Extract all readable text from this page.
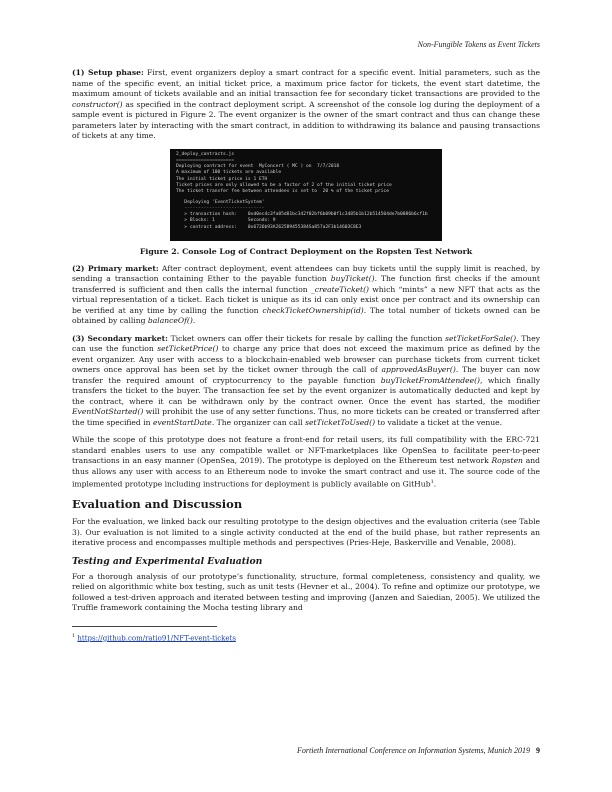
Non-Fungible Tokens as Event Tickets

(1) Setup phase: First, event organizers deploy a smart contract for a specific event. Initial parameters, such as the name of the specific event, an initial ticket price, a maximum price factor for tickets, the event start datetime, the maximum amount of tickets available and an initial transaction fee for secondary ticket transactions are provided to the constructor() as specified in the contract deployment script. A screenshot of the console log during the deployment of a sample event is pictured in Figure 2. The event organizer is the owner of the smart contract and thus can change these parameters later by interacting with the smart contract, in addition to withdrawing its balance and pausing transactions of tickets at any time.

2_deploy_contracts.js
=====================
Deploying contract for event  MyConcert ( MC ) on  7/7/2018
A maximum of 100 tickets are available
The initial ticket price is 1 ETH
Ticket prices are only allowed to be a factor of 2 of the initial ticket price
The ticket transfer fee between attendees is set to  20 % of the ticket price
Deploying 'EventTicketSystem'
-----------------------------
> transaction hash:    0xd0ec4c3fa05d81bc342f02bf6b09b0f1c3485b1b12b514504de7b0886b6cf1b
> Blocks: 1            Seconds: 9
> contract address:    0x6726b93A2625B9455384Sa857a2F3b14603C8E3
Figure 2. Console Log of Contract Deployment on the Ropsten Test Network

(2) Primary market: After contract deployment, event attendees can buy tickets until the supply limit is reached, by sending a transaction containing Ether to the payable function buyTicket(). The function first checks if the amount transferred is sufficient and then calls the internal function _createTicket() which “mints” a new NFT that acts as the virtual representation of a ticket. Each ticket is unique as its id can only exist once per contract and its ownership can be verified at any time by calling the function checkTicketOwnership(id). The total number of tickets owned can be obtained by calling balanceOf().

(3) Secondary market: Ticket owners can offer their tickets for resale by calling the function setTicketForSale(). They can use the function setTicketPrice() to charge any price that does not exceed the maximum price as defined by the event organizer. Any user with access to a blockchain-enabled web browser can purchase tickets from current ticket owners once approval has been set by the ticket owner through the call of approvedAsBuyer(). The buyer can now transfer the required amount of cryptocurrency to the payable function buyTicketFromAttendee(), which finally transfers the ticket to the buyer. The transaction fee set by the event organizer is automatically deducted and kept by the contract, where it can be withdrawn only by the contract owner. Once the event has started, the modifier EventNotStarted() will prohibit the use of any setter functions. Thus, no more tickets can be created or transferred after the time specified in eventStartDate. The organizer can call setTicketToUsed() to validate a ticket at the venue.

While the scope of this prototype does not feature a front-end for retail users, its full compatibility with the ERC-721 standard enables users to use any compatible wallet or NFT-marketplaces like OpenSea to facilitate peer-to-peer transactions in an easy manner (OpenSea, 2019). The prototype is deployed on the Ethereum test network Ropsten and thus allows any user with access to an Ethereum node to invoke the smart contract and use it. The source code of the implemented prototype including instructions for deployment is publicly available on GitHub$^1$.

Evaluation and Discussion

For the evaluation, we linked back our resulting prototype to the design objectives and the evaluation criteria (see Table 3). Our evaluation is not limited to a single activity conducted at the end of the build phase, but rather represents an iterative process and encompasses multiple methods and perspectives (Pries-Heje, Baskerville and Venable, 2008).

Testing and Experimental Evaluation

For a thorough analysis of our prototype’s functionality, structure, formal completeness, consistency and quality, we relied on algorithmic white box testing, such as unit tests (Hevner et al., 2004). To refine and optimize our prototype, we followed a test-driven approach and iterated between testing and improving (Janzen and Saiedian, 2005). We utilized the Truffle framework containing the Mocha testing library and

$^1$ https://github.com/ratio91/NFT-event-tickets
Fortieth International Conference on Information Systems, Munich 2019 9
